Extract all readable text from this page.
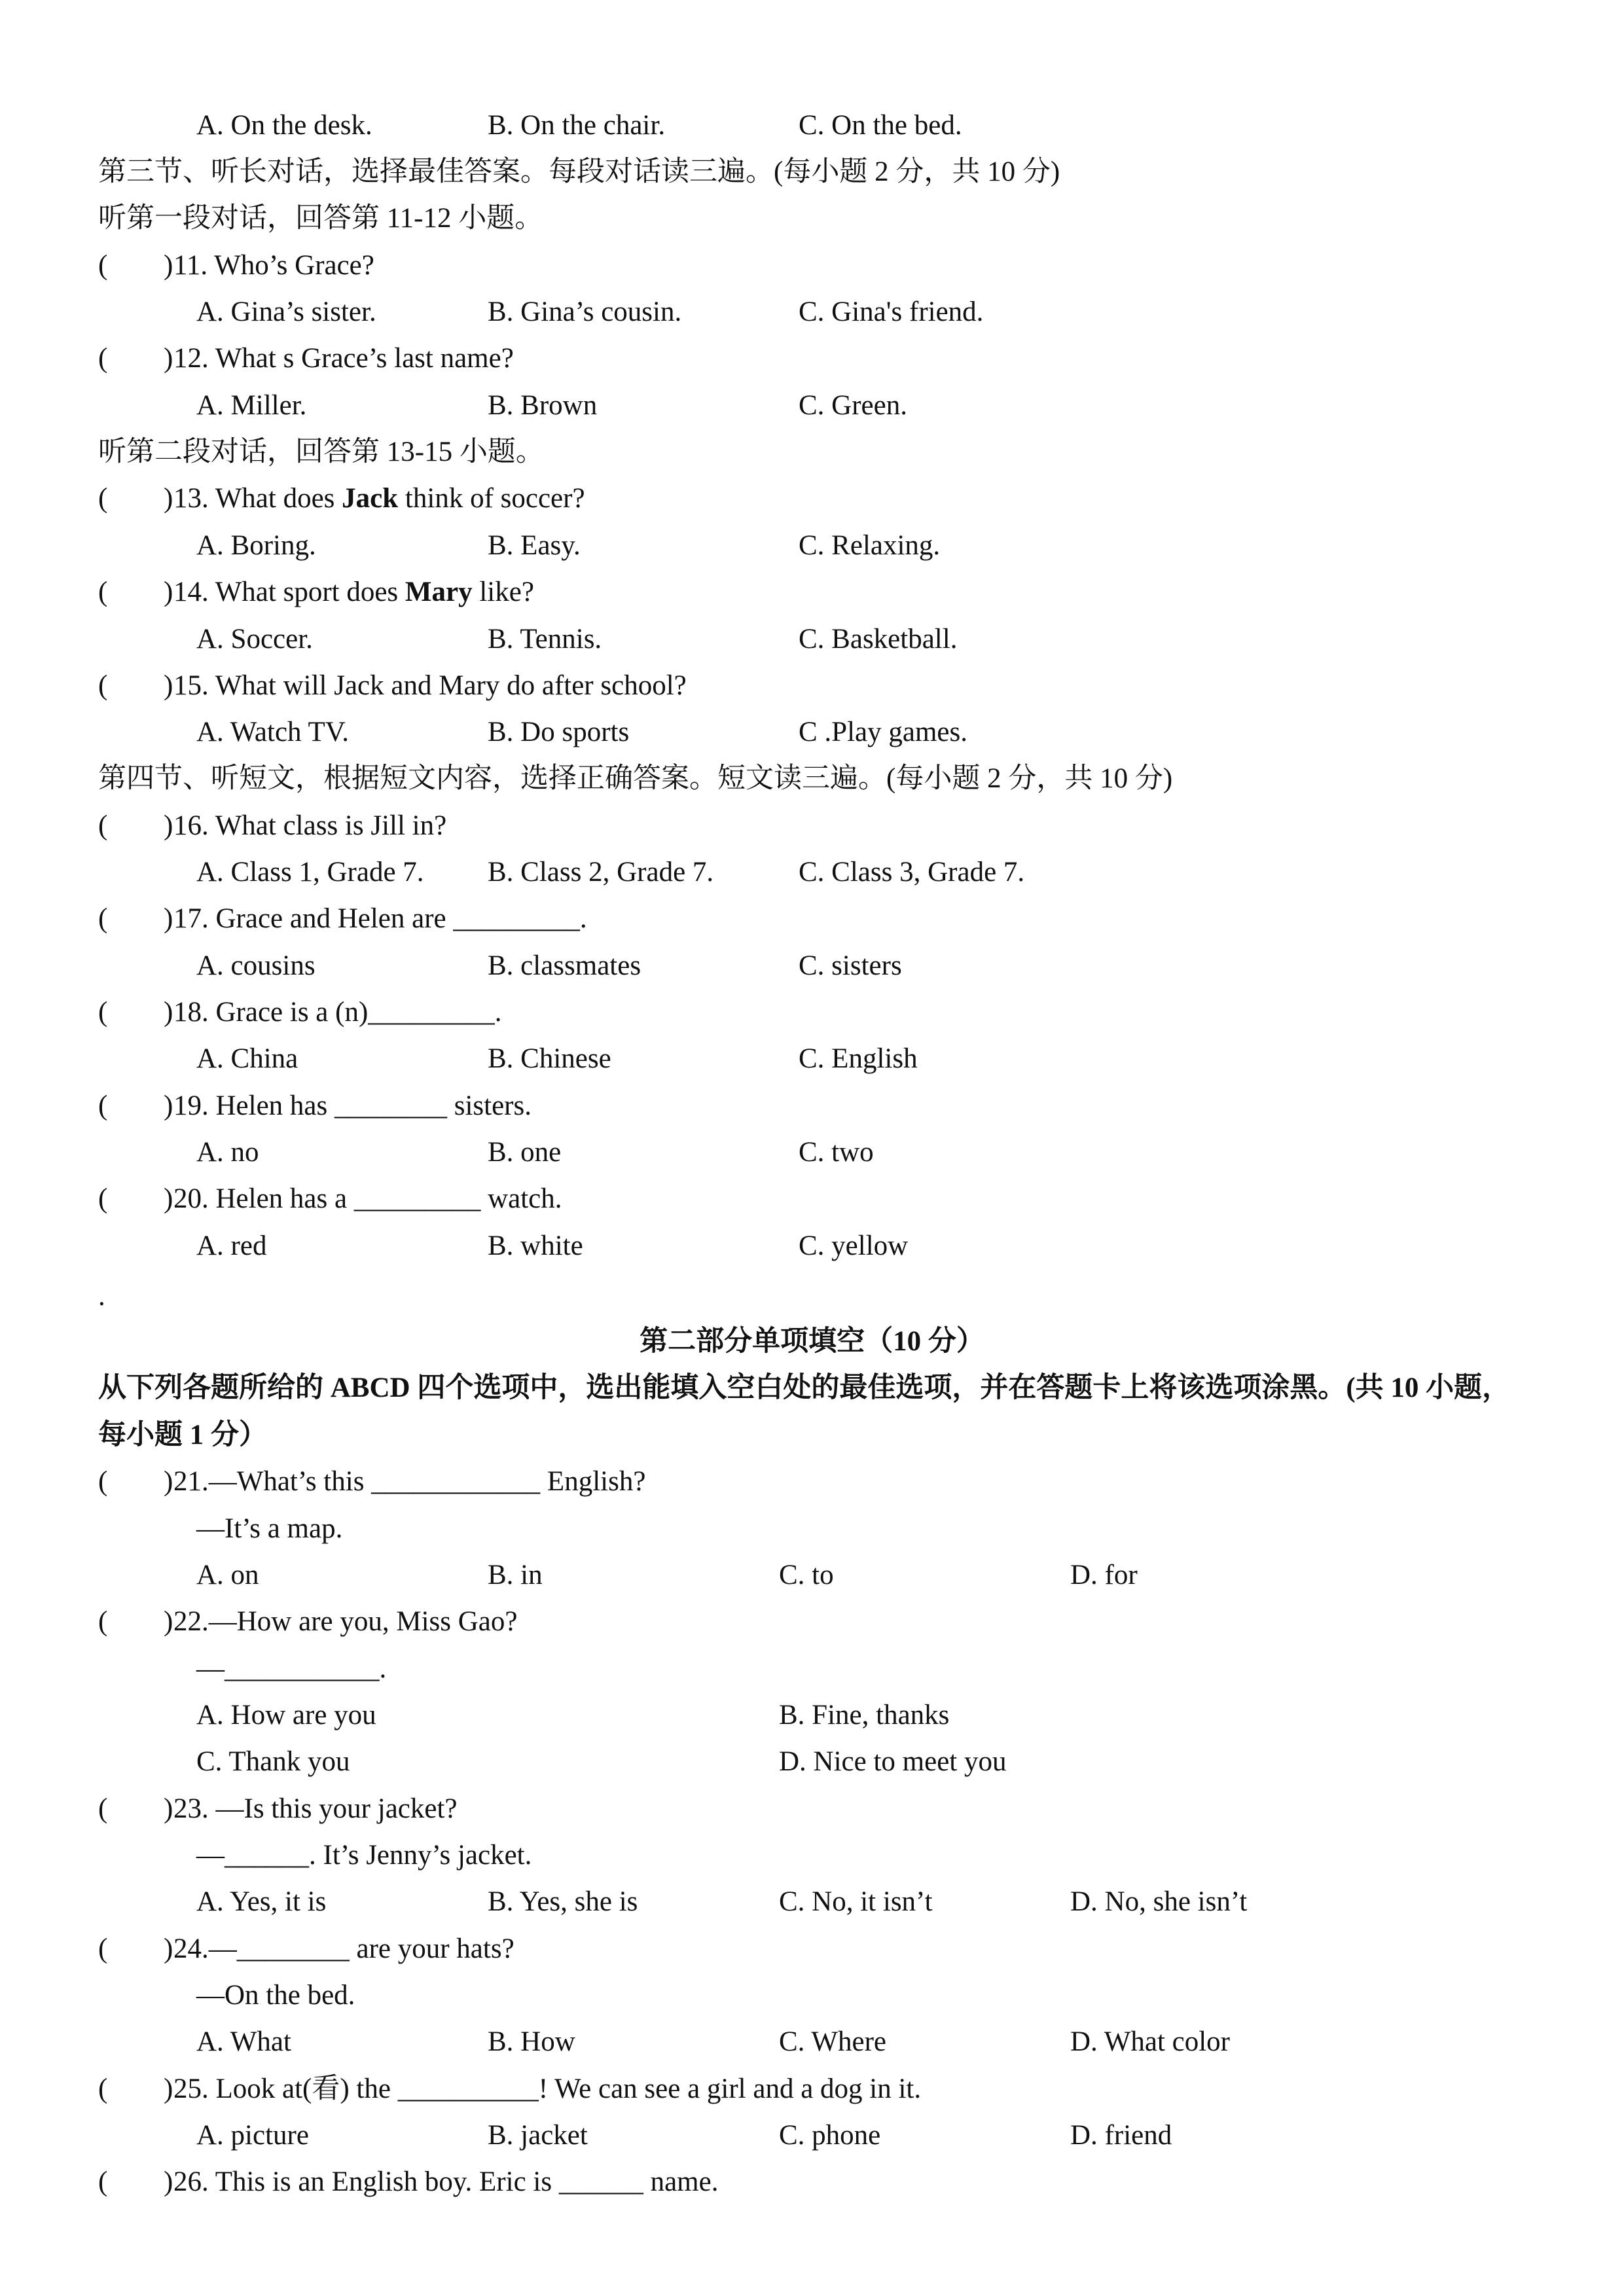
A. On the desk.	B. On the chair.	C. On the bed.
第三节、听长对话，选择最佳答案。每段对话读三遍。(每小题 2 分，共 10 分)
听第一段对话，回答第 11-12 小题。
( ) 11. Who’s Grace?
A. Gina’s sister.	B. Gina’s cousin.	C. Gina's friend.
( ) 12. What s Grace’s last name?
A. Miller.	B. Brown	C. Green.
听第二段对话，回答第 13-15 小题。
( ) 13. What does Jack think of soccer?
A. Boring.	B. Easy.	C. Relaxing.
( ) 14. What sport does Mary like?
A. Soccer.	B. Tennis.	C. Basketball.
( ) 15. What will Jack and Mary do after school?
A. Watch TV.	B. Do sports	C .Play games.
第四节、听短文，根据短文内容，选择正确答案。短文读三遍。(每小题 2 分，共 10 分)
( ) 16. What class is Jill in?
A. Class 1, Grade 7. B. Class 2, Grade 7.	C. Class 3, Grade 7.
( ) 17. Grace and Helen are _________.
A. cousins	B. classmates	C. sisters
( ) 18. Grace is a (n)_________.
A. China	B. Chinese	C. English
( ) 19. Helen has ________ sisters.
A. no	B. one	C. two
( ) 20. Helen has a _________ watch.
A. red	B. white	C. yellow
.
第二部分单项填空（10 分）
从下列各题所给的 ABCD 四个选项中，选出能填入空白处的最佳选项，并在答题卡上将该选项涂黑。(共 10 小题，
每小题 1 分）
( ) 21.—What’s this ____________ English?
—It’s a map.
A. on	B. in	C. to	D. for
( ) 22.—How are you, Miss Gao?
—___________.
A. How are you	B. Fine, thanks
C. Thank you	D. Nice to meet you
( ) 23. —Is this your jacket?
—______. It’s Jenny’s jacket.
A. Yes, it is	B. Yes, she is	C. No, it isn’t	D. No, she isn’t
( ) 24.—________ are your hats?
—On the bed.
A. What	B. How	C. Where	D. What color
( ) 25. Look at(看) the __________! We can see a girl and a dog in it.
A. picture	B. jacket	C. phone	D. friend
( ) 26. This is an English boy. Eric is ______ name.
